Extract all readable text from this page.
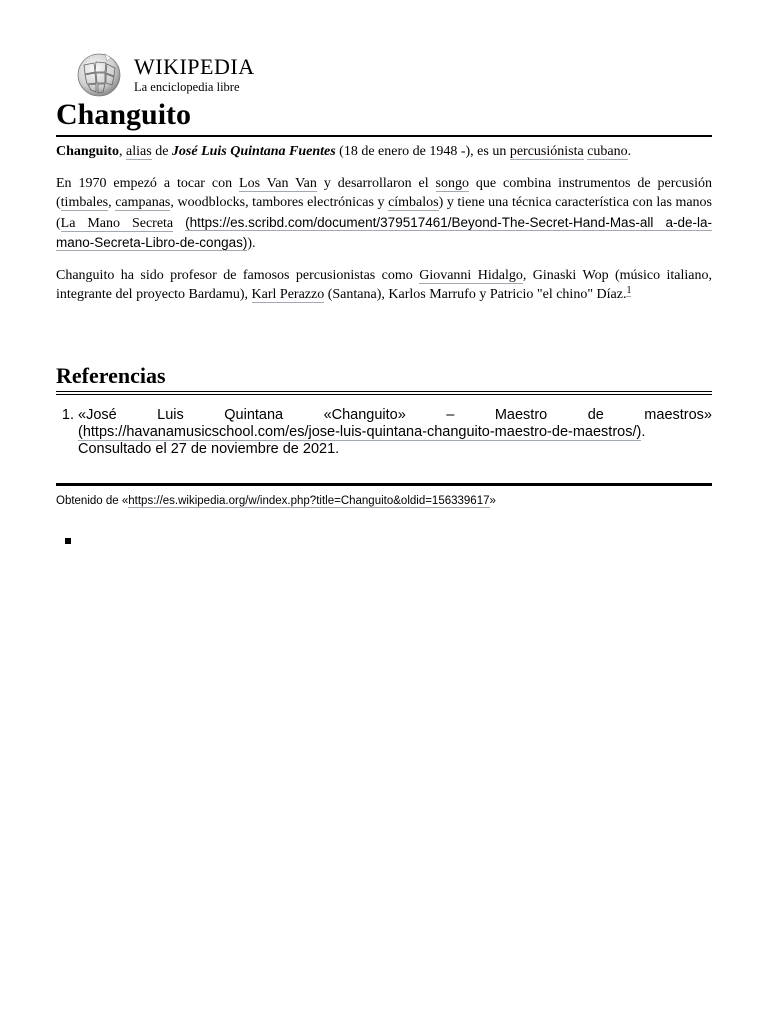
WIKIPEDIA
La enciclopedia libre
Changuito

Changuito, alias de José Luis Quintana Fuentes (18 de enero de 1948 -), es un percusiónista cubano.

En 1970 empezó a tocar con Los Van Van y desarrollaron el songo que combina instrumentos de percusión (timbales, campanas, woodblocks, tambores electrónicas y címbalos) y tiene una técnica característica con las manos (La Mano Secreta (https://es.scribd.com/document/379517461/Beyond-The-Secret-Hand-Mas-all a-de-la-mano-Secreta-Libro-de-congas)).

Changuito ha sido profesor de famosos percusionistas como Giovanni Hidalgo, Ginaski Wop (músico italiano, integrante del proyecto Bardamu), Karl Perazzo (Santana), Karlos Marrufo y Patricio "el chino" Díaz.$^1$

Referencias
1. «José Luis Quintana «Changuito» – Maestro de maestros» (https://havanamusicschool.com/es/jose-luis-quintana-changuito-maestro-de-maestros/). Consultado el 27 de noviembre de 2021.
Obtenido de «https://es.wikipedia.org/w/index.php?title=Changuito&oldid=156339617»
